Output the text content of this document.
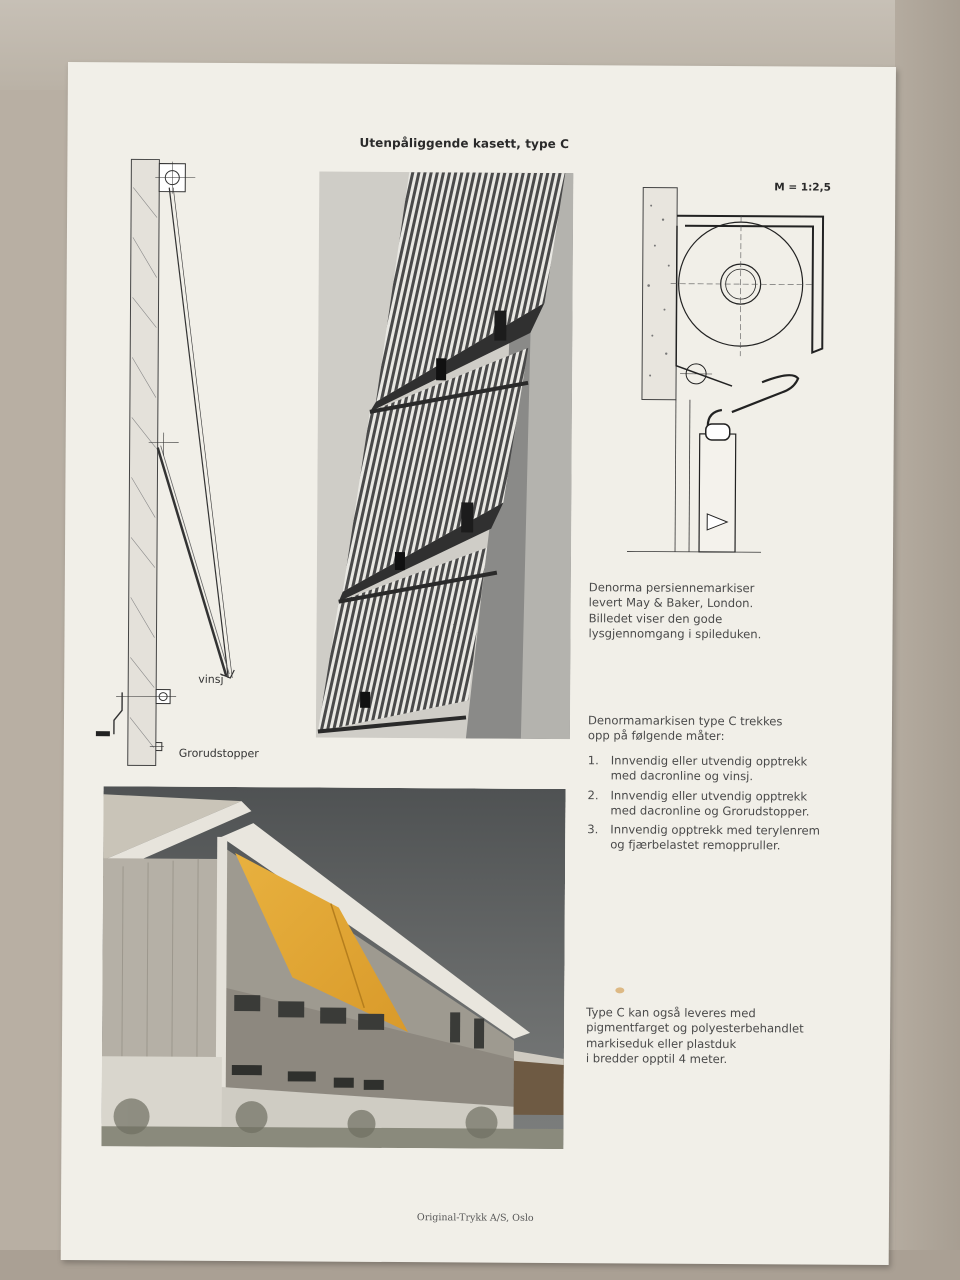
Utenpåliggende kasett, type C
vinsj
Grorudstopper
M = 1:2,5
Denorma persiennemarkiser
levert May & Baker, London.
Billedet viser den gode
lysgjennomgang i spileduken.
Denormamarkisen type C trekkes
opp på følgende måter:
1. Innvendig eller utvendig opptrekk
med dacronline og vinsj.
2. Innvendig eller utvendig opptrekk
med dacronline og Grorudstopper.
3. Innvendig opptrekk med terylenrem
og fjærbelastet remoppruller.
Type C kan også leveres med
pigmentfarget og polyesterbehandlet
markiseduk eller plastduk
i bredder opptil 4 meter.
Original-Trykk A/S, Oslo
